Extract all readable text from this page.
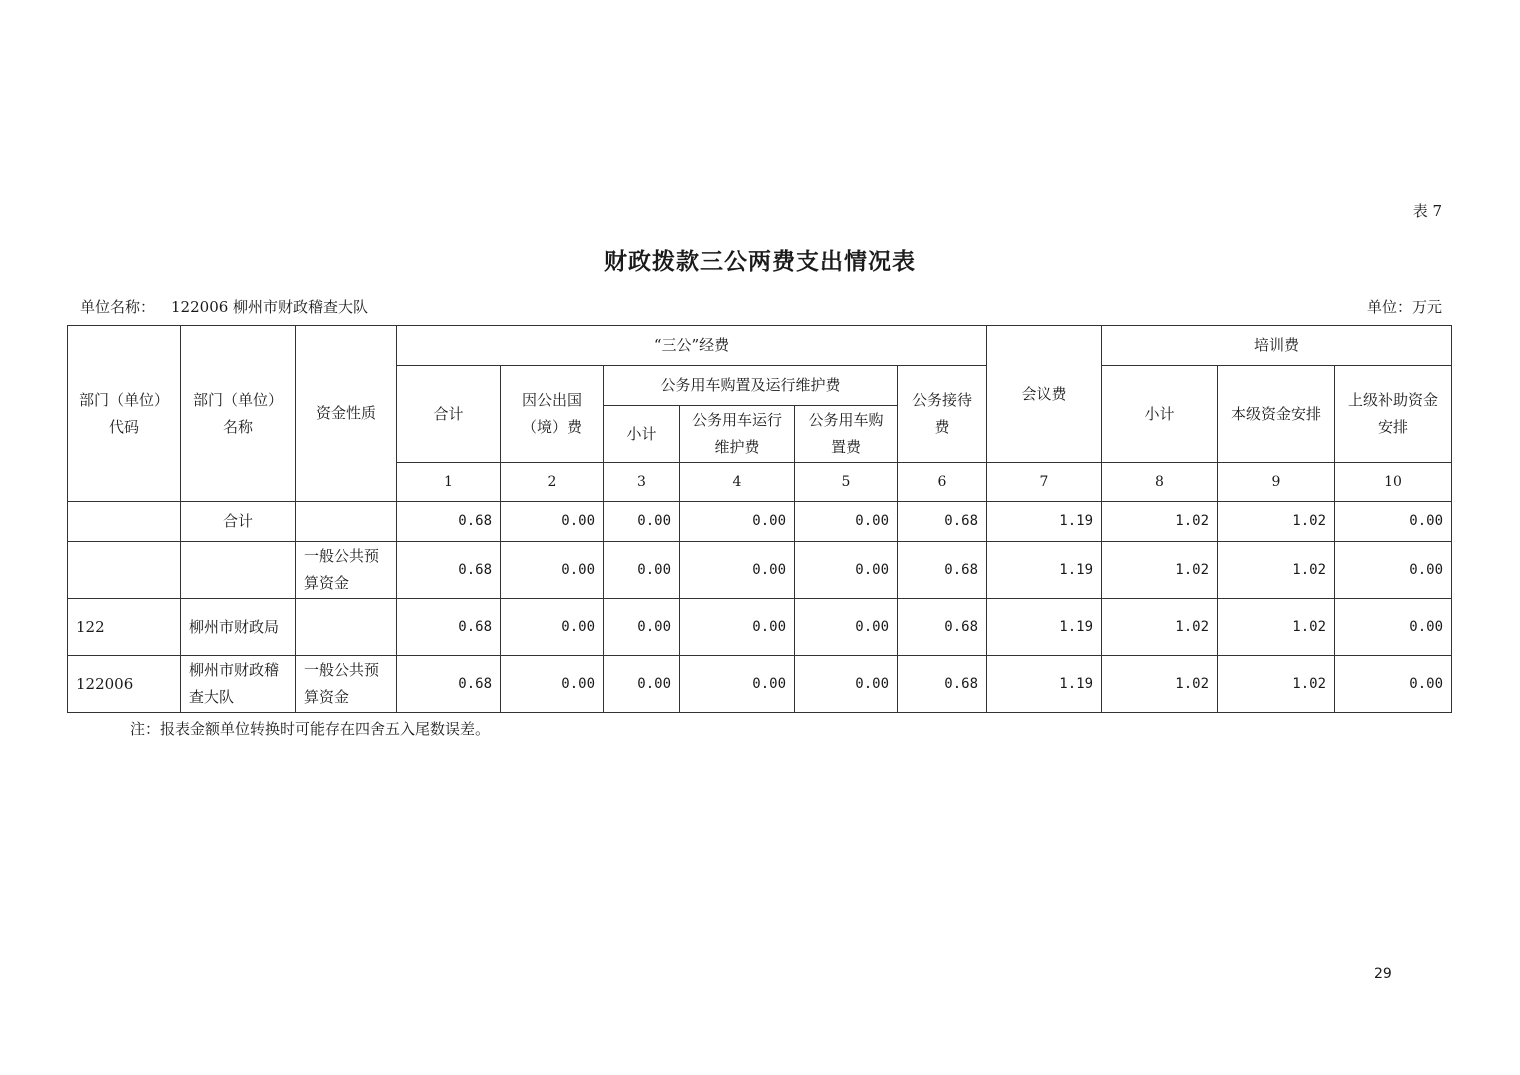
表 7
财政拨款三公两费支出情况表
单位名称： 122006 柳州市财政稽查大队	单位：万元
部门（单位）代码	部门（单位）名称	资金性质	“三公”经费						会议费	培训费		
			合计	因公出国（境）费	公务用车购置及运行维护费			公务接待费		小计	本级资金安排	上级补助资金安排
					小计	公务用车运行维护费	公务用车购置费					
			1	2	3	4	5	6	7	8	9	10
	合计		0.68	0.00	0.00	0.00	0.00	0.68	1.19	1.02	1.02	0.00
		一般公共预算资金	0.68	0.00	0.00	0.00	0.00	0.68	1.19	1.02	1.02	0.00
122	柳州市财政局		0.68	0.00	0.00	0.00	0.00	0.68	1.19	1.02	1.02	0.00
122006	柳州市财政稽查大队	一般公共预算资金	0.68	0.00	0.00	0.00	0.00	0.68	1.19	1.02	1.02	0.00
注：报表金额单位转换时可能存在四舍五入尾数误差。
29
